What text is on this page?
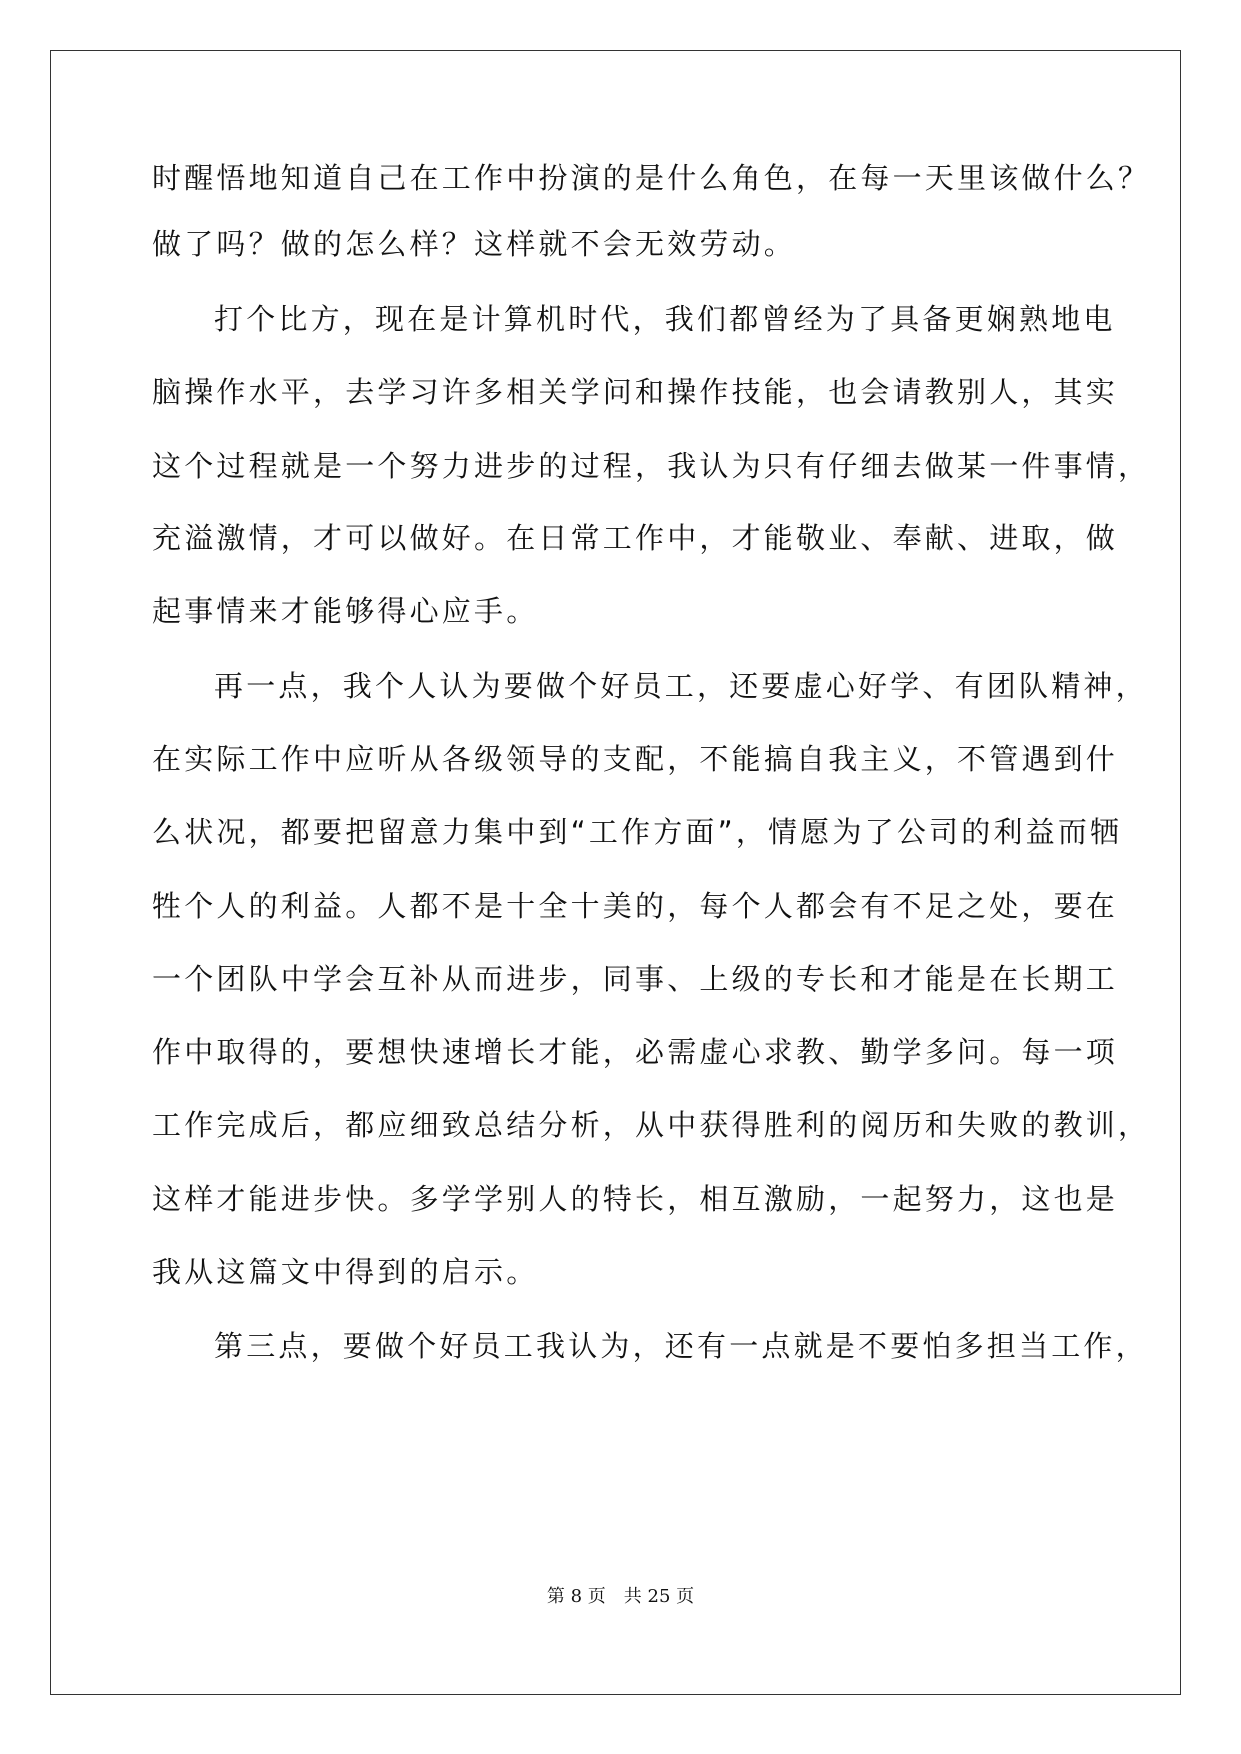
时醒悟地知道自己在工作中扮演的是什么角色，在每一天里该做什么？
做了吗？做的怎么样？这样就不会无效劳动。
打个比方，现在是计算机时代，我们都曾经为了具备更娴熟地电
脑操作水平，去学习许多相关学问和操作技能，也会请教别人，其实
这个过程就是一个努力进步的过程，我认为只有仔细去做某一件事情，
充溢激情，才可以做好。在日常工作中，才能敬业、奉献、进取，做
起事情来才能够得心应手。
再一点，我个人认为要做个好员工，还要虚心好学、有团队精神，
在实际工作中应听从各级领导的支配，不能搞自我主义，不管遇到什
么状况，都要把留意力集中到“工作方面”，情愿为了公司的利益而牺
牲个人的利益。人都不是十全十美的，每个人都会有不足之处，要在
一个团队中学会互补从而进步，同事、上级的专长和才能是在长期工
作中取得的，要想快速增长才能，必需虚心求教、勤学多问。每一项
工作完成后，都应细致总结分析，从中获得胜利的阅历和失败的教训，
这样才能进步快。多学学别人的特长，相互激励，一起努力，这也是
我从这篇文中得到的启示。
第三点，要做个好员工我认为，还有一点就是不要怕多担当工作，
第 8 页　共 25 页
